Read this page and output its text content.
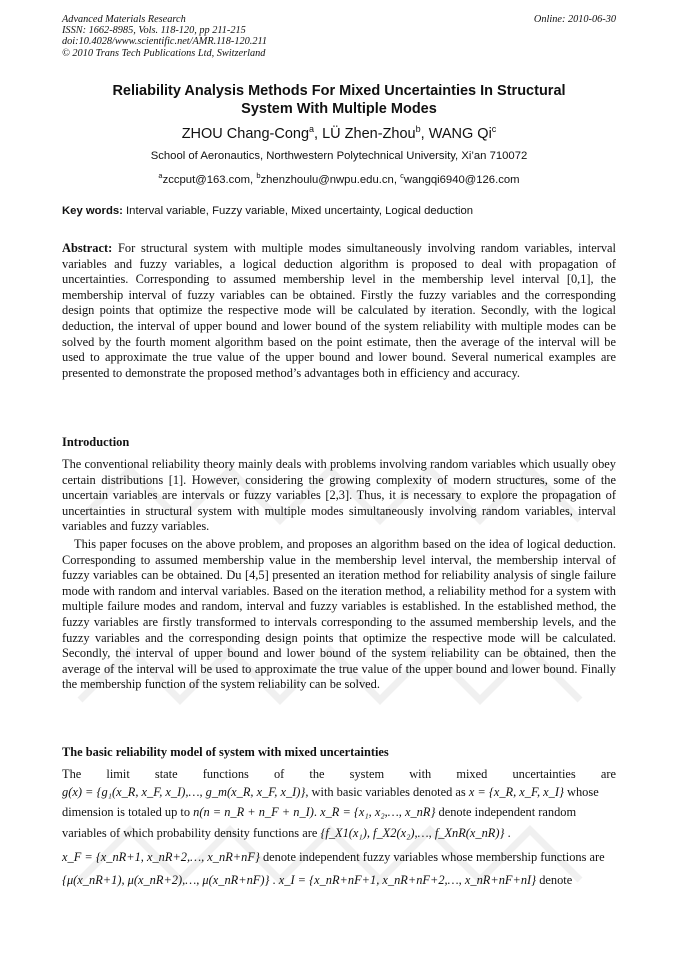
Advanced Materials Research
ISSN: 1662-8985, Vols. 118-120, pp 211-215
doi:10.4028/www.scientific.net/AMR.118-120.211
© 2010 Trans Tech Publications Ltd, Switzerland
Online: 2010-06-30
Reliability Analysis Methods For Mixed Uncertainties In Structural
System With Multiple Modes
ZHOU Chang-Cong$^a$, LÜ Zhen-Zhou$^b$, WANG Qi$^c$
School of Aeronautics, Northwestern Polytechnical University, Xi’an 710072
$^a$zccput@163.com, $^b$zhenzhoulu@nwpu.edu.cn, $^c$wangqi6940@126.com
Key words: Interval variable, Fuzzy variable, Mixed uncertainty, Logical deduction
Abstract: For structural system with multiple modes simultaneously involving random variables, interval variables and fuzzy variables, a logical deduction algorithm is proposed to deal with propagation of uncertainties. Corresponding to assumed membership level in the membership level interval [0,1], the membership interval of fuzzy variables can be obtained. Firstly the fuzzy variables and the corresponding design points that optimize the respective mode will be calculated by iteration. Secondly, with the logical deduction, the interval of upper bound and lower bound of the system reliability with multiple modes can be solved by the fourth moment algorithm based on the point estimate, then the average of the interval will be used to approximate the true value of the upper bound and lower bound. Several numerical examples are presented to demonstrate the proposed method’s advantages both in efficiency and accuracy.
Introduction
The conventional reliability theory mainly deals with problems involving random variables which usually obey certain distributions [1]. However, considering the growing complexity of modern structures, some of the uncertain variables are intervals or fuzzy variables [2,3]. Thus, it is necessary to explore the propagation of uncertainties in structural system with multiple modes simultaneously involving random variables, interval variables and fuzzy variables.
This paper focuses on the above problem, and proposes an algorithm based on the idea of logical deduction. Corresponding to assumed membership value in the membership level interval, the membership interval of fuzzy variables can be obtained. Du [4,5] presented an iteration method for reliability analysis of single failure mode with random and interval variables. Based on the iteration method, a reliability method for a system with multiple failure modes and random, interval and fuzzy variables is established. In the established method, the fuzzy variables are firstly transformed to intervals corresponding to the assumed membership levels, and the fuzzy variables and the corresponding design points that optimize the respective mode will be calculated. Secondly, the interval of upper bound and lower bound of the system reliability can be obtained, then the average of the interval will be used to approximate the true value of the upper bound and lower bound. Finally the membership function of the system reliability can be solved.
The basic reliability model of system with mixed uncertainties
The limit state functions of the system with mixed uncertainties are
g(x) = {g₁(x_R, x_F, x_I),…, g_m(x_R, x_F, x_I)}, with basic variables denoted as x = {x_R, x_F, x_I} whose
dimension is totaled up to n(n = n_R + n_F + n_I). x_R = {x₁, x₂,…, x_nR} denote independent random
variables of which probability density functions are {f_X1(x₁), f_X2(x₂),…, f_XnR(x_nR)} .
x_F = {x_nR+1, x_nR+2,…, x_nR+nF} denote independent fuzzy variables whose membership functions are
{μ(x_nR+1), μ(x_nR+2),…, μ(x_nR+nF)} . x_I = {x_nR+nF+1, x_nR+nF+2,…, x_nR+nF+nI} denote
